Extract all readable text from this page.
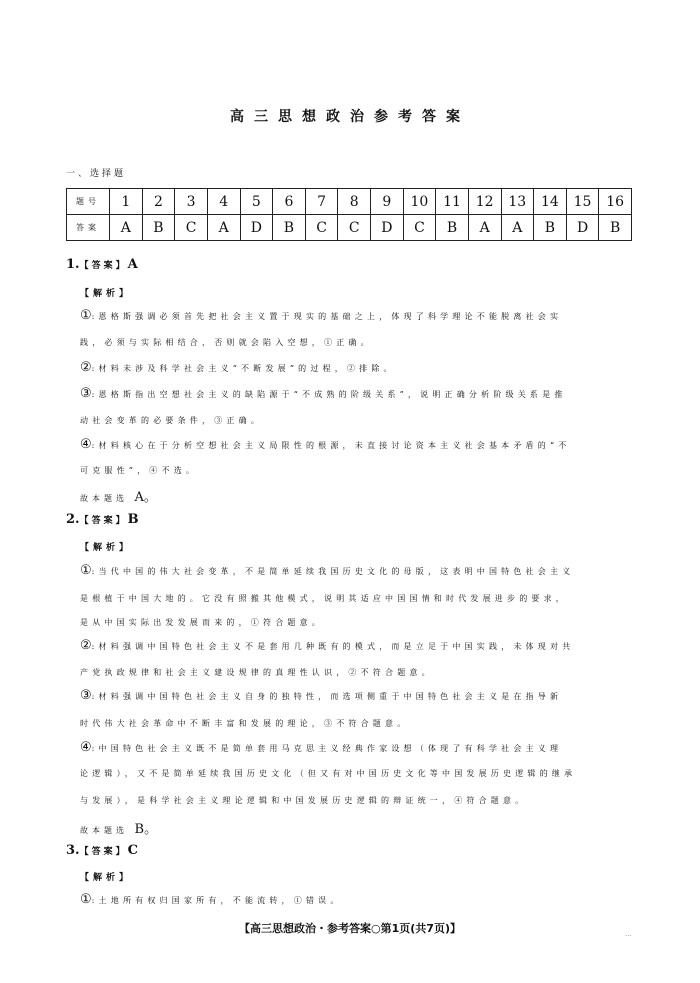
高三思想政治参考答案
一、选择题
题号	1	2	3	4	5	6	7	8	9	10	11	12	13	14	15	16
答案	A	B	C	A	D	B	C	C	D	C	B	A	A	B	D	B
1.【答案】A
【解析】
①:恩格斯强调必须首先把社会主义置于现实的基础之上，体现了科学理论不能脱离社会实
践，必须与实际相结合，否则就会陷入空想，①正确。
②:材料未涉及科学社会主义“不断发展”的过程，②排除。
③:恩格斯指出空想社会主义的缺陷源于“不成熟的阶级关系”，说明正确分析阶级关系是推
动社会变革的必要条件，③正确。
④:材料核心在于分析空想社会主义局限性的根源，未直接讨论资本主义社会基本矛盾的“不
可克服性”，④不选。
故本题选 A。
2.【答案】B
【解析】
①:当代中国的伟大社会变革，不是简单延续我国历史文化的母版，这表明中国特色社会主义
是根植于中国大地的。它没有照搬其他模式，说明其适应中国国情和时代发展进步的要求，
是从中国实际出发发展而来的，①符合题意。
②:材料强调中国特色社会主义不是套用几种既有的模式，而是立足于中国实践，未体现对共
产党执政规律和社会主义建设规律的真理性认识，②不符合题意。
③:材料强调中国特色社会主义自身的独特性，而选项侧重于中国特色社会主义是在指导新
时代伟大社会革命中不断丰富和发展的理论，③不符合题意。
④:中国特色社会主义既不是简单套用马克思主义经典作家设想（体现了有科学社会主义理
论逻辑），又不是简单延续我国历史文化（但又有对中国历史文化等中国发展历史逻辑的继承
与发展），是科学社会主义理论逻辑和中国发展历史逻辑的辩证统一，④符合题意。
故本题选 B。
3.【答案】C
【解析】
①:土地所有权归国家所有，不能流转，①错误。
【高三思想政治・参考答案○第1页(共7页)】	...
